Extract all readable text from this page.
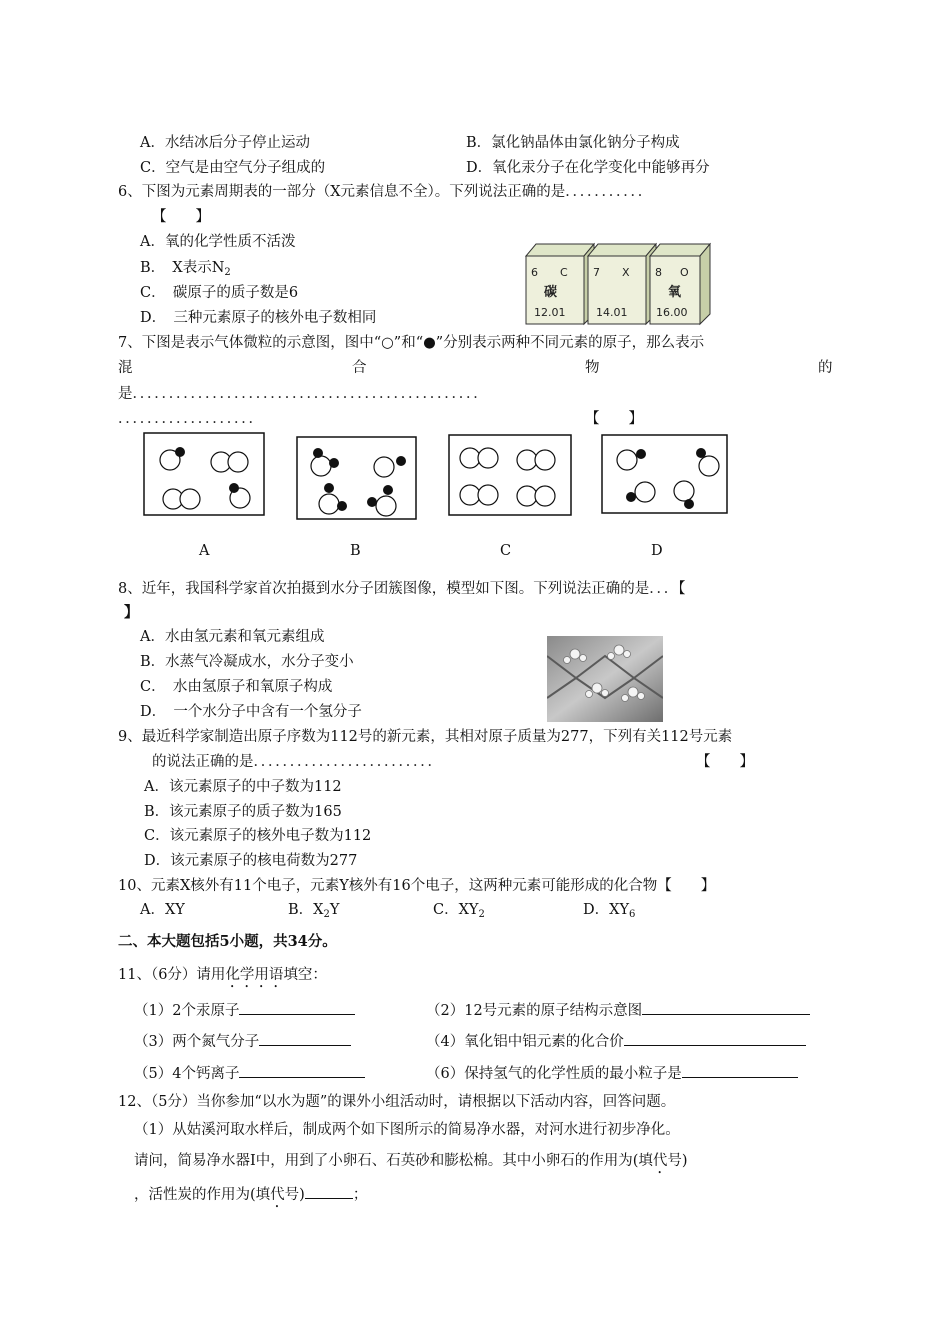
A．水结冰后分子停止运动	B．氯化钠晶体由氯化钠分子构成
C．空气是由空气分子组成的	D．氧化汞分子在化学变化中能够再分
6、下图为元素周期表的一部分（X元素信息不全）。下列说法正确的是．．．．．．．．．．．
【　　】
A．氧的化学性质不活泼
B．　X表示$N_2$
C．　碳原子的质子数是6
D．　三种元素原子的核外电子数相同
6 C
碳
12.01
7 X
14.01
8 O
氧
16.00
7、下图是表示气体微粒的示意图，图中“○”和“●”分别表示两种不同元素的原子，那么表示
混	合	物	的
是．．．．．．．．．．．．．．．．．．．．．．．．．．．．．．．．．．．．．．．．．．．．．．．．
．．．．．．．．．．．．．．．．．．．	【　　】
A	B	C	D
8、近年，我国科学家首次拍摄到水分子团簇图像，模型如下图。下列说法正确的是．．．【
】
A．水由氢元素和氧元素组成
B．水蒸气冷凝成水，水分子变小
C．　水由氢原子和氧原子构成
D．　一个水分子中含有一个氢分子
9、最近科学家制造出原子序数为112号的新元素，其相对原子质量为277，下列有关112号元素
的说法正确的是．．．．．．．．．．．．．．．．．．．．．．．．．	【　　】
A．该元素原子的中子数为112
B．该元素原子的质子数为165
C．该元素原子的核外电子数为112
D．该元素原子的核电荷数为277
10、元素X核外有11个电子，元素Y核外有16个电子，这两种元素可能形成的化合物【　　】
A．XY	B．$X_2Y$	C．$XY_2$	D．$XY_6$
二、本大题包括5小题，共34分。
11、（6分）请用化学用语填空：
（1）2个汞原子	（2）12号元素的原子结构示意图
（3）两个氮气分子	（4）氧化铝中铝元素的化合价
（5）4个钙离子	（6）保持氢气的化学性质的最小粒子是
12、（5分）当你参加“以水为题”的课外小组活动时，请根据以下活动内容，回答问题。
（1）从姑溪河取水样后，制成两个如下图所示的简易净水器，对河水进行初步净化。
请问，简易净水器Ⅰ中，用到了小卵石、石英砂和膨松棉。其中小卵石的作用为(填代号)
，活性炭的作用为(填代号)	；
